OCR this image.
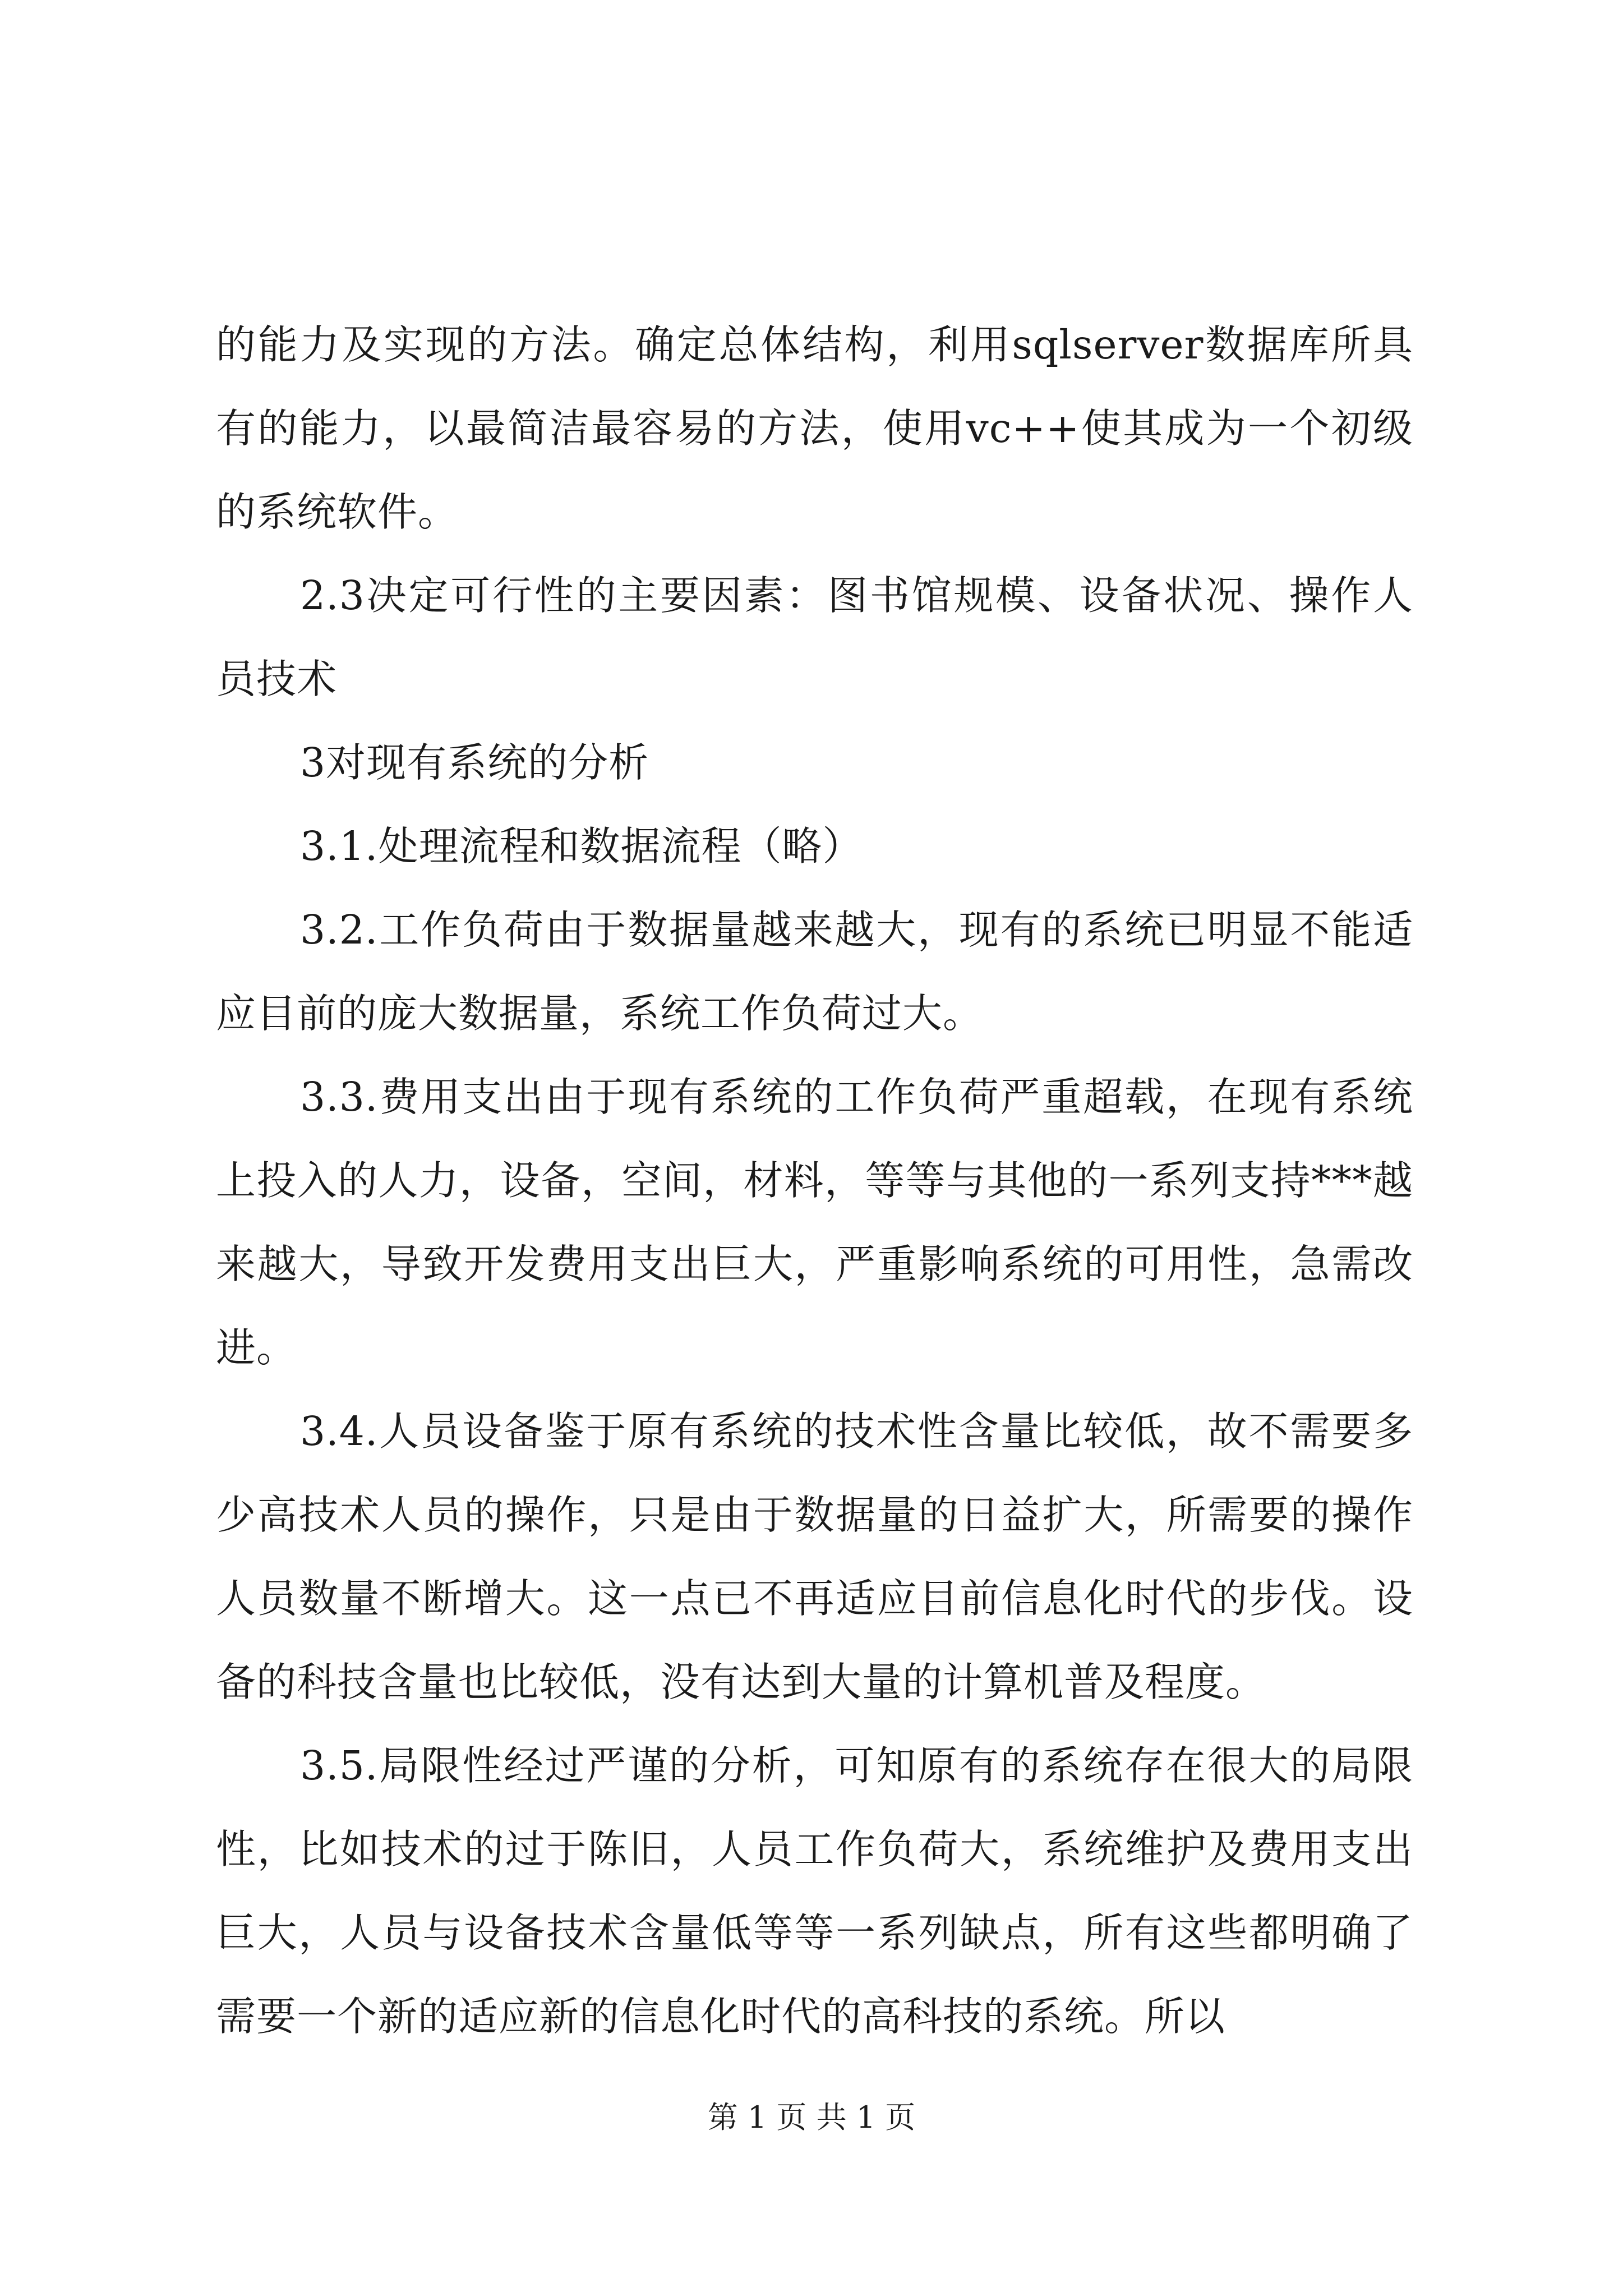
的能力及实现的方法。确定总体结构，利用sqlserver数据库所具有的能力，以最简洁最容易的方法，使用vc++使其成为一个初级的系统软件。

2.3决定可行性的主要因素：图书馆规模、设备状况、操作人员技术

3对现有系统的分析

3.1.处理流程和数据流程（略）

3.2.工作负荷由于数据量越来越大，现有的系统已明显不能适应目前的庞大数据量，系统工作负荷过大。

3.3.费用支出由于现有系统的工作负荷严重超载，在现有系统上投入的人力，设备，空间，材料，等等与其他的一系列支持***越来越大，导致开发费用支出巨大，严重影响系统的可用性，急需改进。

3.4.人员设备鉴于原有系统的技术性含量比较低，故不需要多少高技术人员的操作，只是由于数据量的日益扩大，所需要的操作人员数量不断增大。这一点已不再适应目前信息化时代的步伐。设备的科技含量也比较低，没有达到大量的计算机普及程度。

3.5.局限性经过严谨的分析，可知原有的系统存在很大的局限性，比如技术的过于陈旧，人员工作负荷大，系统维护及费用支出巨大，人员与设备技术含量低等等一系列缺点，所有这些都明确了需要一个新的适应新的信息化时代的高科技的系统。所以

第 1 页 共 1 页
